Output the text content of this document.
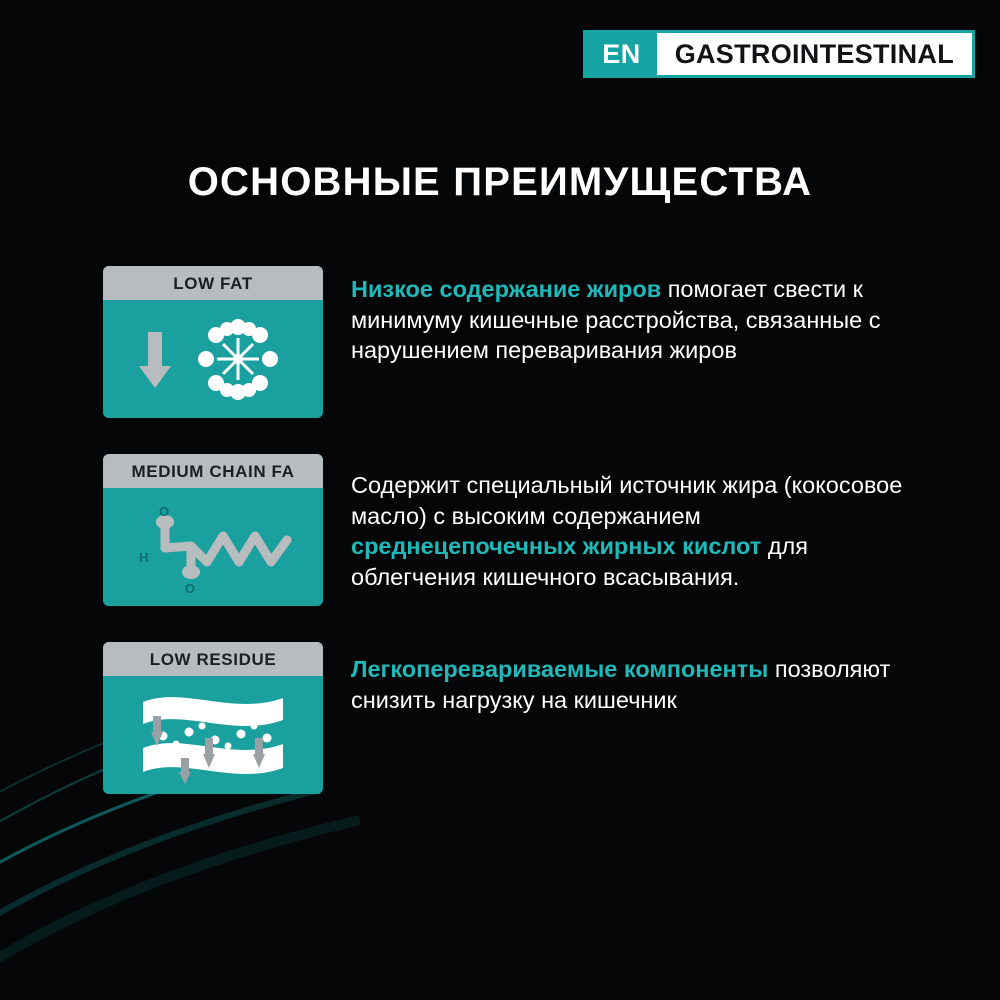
EN	GASTROINTESTINAL
ОСНОВНЫЕ ПРЕИМУЩЕСТВА
LOW FAT	Низкое содержание жиров помогает свести к минимуму кишечные расстройства, связанные с нарушением переваривания жиров
MEDIUM CHAIN FA
O
H
O
Содержит специальный источник жира (кокосовое масло) с высоким содержанием среднецепочечных жирных кислот для облегчения кишечного всасывания.
LOW RESIDUE	Легкоперевариваемые компоненты позволяют снизить нагрузку на кишечник
